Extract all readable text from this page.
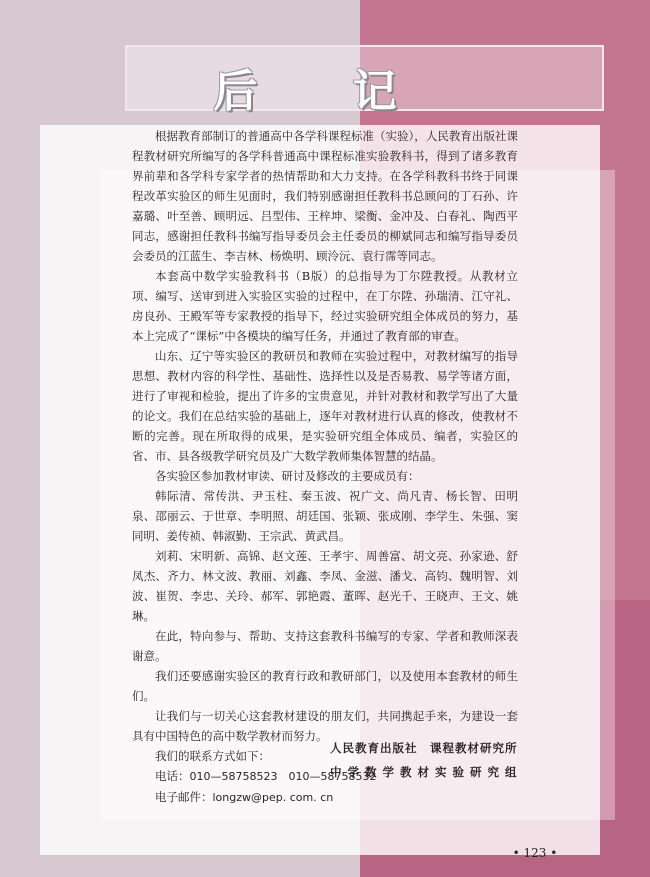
后 记

根据教育部制订的普通高中各学科课程标准（实验），人民教育出版社课程教材研究所编写的各学科普通高中课程标准实验教科书，得到了诸多教育界前辈和各学科专家学者的热情帮助和大力支持。在各学科教科书终于同课程改革实验区的师生见面时，我们特别感谢担任教科书总顾问的丁石孙、许嘉璐、叶至善、顾明远、吕型伟、王梓坤、梁衡、金冲及、白春礼、陶西平同志，感谢担任教科书编写指导委员会主任委员的柳斌同志和编写指导委员会委员的江蓝生、李吉林、杨焕明、顾泠沅、袁行霈等同志。

本套高中数学实验教科书（B版）的总指导为丁尔陞教授。从教材立项、编写、送审到进入实验区实验的过程中，在丁尔陞、孙瑞清、江守礼、房良孙、王殿军等专家教授的指导下，经过实验研究组全体成员的努力，基本上完成了“课标”中各模块的编写任务，并通过了教育部的审查。

山东、辽宁等实验区的教研员和教师在实验过程中，对教材编写的指导思想、教材内容的科学性、基础性、选择性以及是否易教、易学等诸方面，进行了审视和检验，提出了许多的宝贵意见，并针对教材和教学写出了大量的论文。我们在总结实验的基础上，逐年对教材进行认真的修改，使教材不断的完善。现在所取得的成果，是实验研究组全体成员、编者，实验区的省、市、县各级教学研究员及广大数学教师集体智慧的结晶。

各实验区参加教材审读、研讨及修改的主要成员有：

韩际清、常传洪、尹玉柱、秦玉波、祝广文、尚凡青、杨长智、田明泉、邵丽云、于世章、李明照、胡廷国、张颖、张成刚、李学生、朱强、窦同明、姜传祯、韩淑勤、王宗武、黄武昌。

刘莉、宋明新、高锦、赵文莲、王孝宇、周善富、胡文亮、孙家逊、舒凤杰、齐力、林文波、教丽、刘鑫、李凤、金滋、潘戈、高钧、魏明智、刘波、崔贺、李忠、关玲、郝军、郭艳霞、董晖、赵光千、王晓声、王文、姚琳。

在此，特向参与、帮助、支持这套教科书编写的专家、学者和教师深表谢意。

我们还要感谢实验区的教育行政和教研部门，以及使用本套教材的师生们。

让我们与一切关心这套教材建设的朋友们，共同携起手来，为建设一套具有中国特色的高中数学教材而努力。

我们的联系方式如下：

电话：010—58758523　010—58758532
电子邮件：longzw@pep. com. cn
人民教育出版社　课程教材研究所
中 学 数 学 教 材 实 验 研 究 组
• 123 •
